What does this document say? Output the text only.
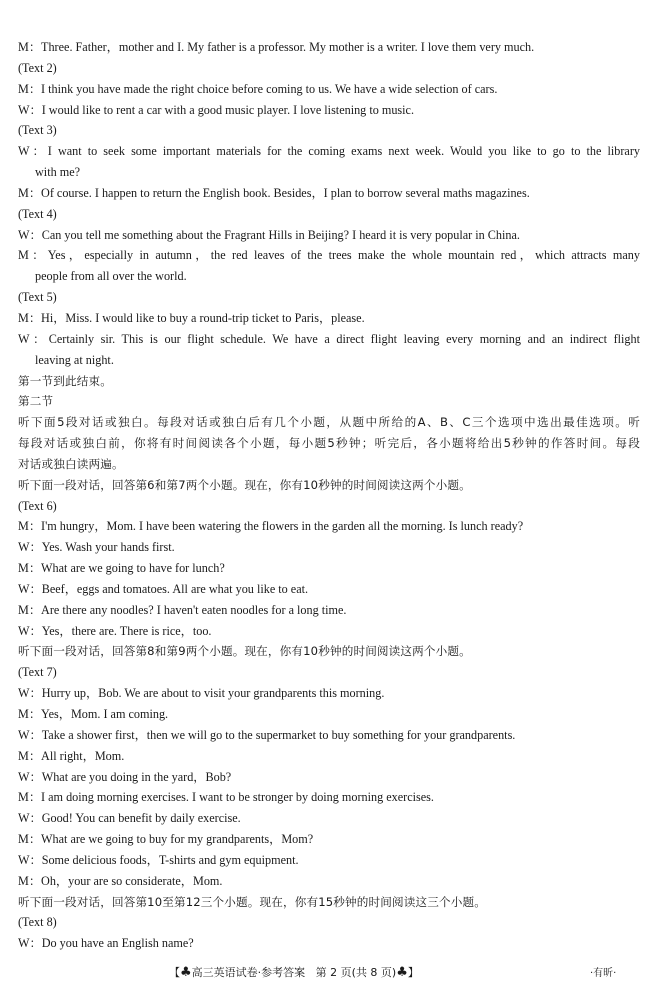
M：Three. Father，mother and I. My father is a professor. My mother is a writer. I love them very much.
(Text 2)
M：I think you have made the right choice before coming to us. We have a wide selection of cars.
W：I would like to rent a car with a good music player. I love listening to music.
(Text 3)
W：I want to seek some important materials for the coming exams next week. Would you like to go to the library
with me?
M：Of course. I happen to return the English book. Besides，I plan to borrow several maths magazines.
(Text 4)
W：Can you tell me something about the Fragrant Hills in Beijing? I heard it is very popular in China.
M：Yes，especially in autumn，the red leaves of the trees make the whole mountain red，which attracts many
people from all over the world.
(Text 5)
M：Hi，Miss. I would like to buy a round-trip ticket to Paris，please.
W：Certainly sir. This is our flight schedule. We have a direct flight leaving every morning and an indirect flight
leaving at night.
第一节到此结束。
第二节
听下面5段对话或独白。每段对话或独白后有几个小题，从题中所给的A、B、C三个选项中选出最佳选项。听
每段对话或独白前，你将有时间阅读各个小题，每小题5秒钟；听完后，各小题将给出5秒钟的作答时间。每段
对话或独白读两遍。
听下面一段对话，回答第6和第7两个小题。现在，你有10秒钟的时间阅读这两个小题。
(Text 6)
M：I'm hungry，Mom. I have been watering the flowers in the garden all the morning. Is lunch ready?
W：Yes. Wash your hands first.
M：What are we going to have for lunch?
W：Beef，eggs and tomatoes. All are what you like to eat.
M：Are there any noodles? I haven't eaten noodles for a long time.
W：Yes，there are. There is rice，too.
听下面一段对话，回答第8和第9两个小题。现在，你有10秒钟的时间阅读这两个小题。
(Text 7)
W：Hurry up，Bob. We are about to visit your grandparents this morning.
M：Yes，Mom. I am coming.
W：Take a shower first，then we will go to the supermarket to buy something for your grandparents.
M：All right，Mom.
W：What are you doing in the yard，Bob?
M：I am doing morning exercises. I want to be stronger by doing morning exercises.
W：Good! You can benefit by daily exercise.
M：What are we going to buy for my grandparents，Mom?
W：Some delicious foods，T-shirts and gym equipment.
M：Oh，your are so considerate，Mom.
听下面一段对话，回答第10至第12三个小题。现在，你有15秒钟的时间阅读这三个小题。
(Text 8)
W：Do you have an English name?
【♣高三英语试卷·参考答案 第 2 页(共 8 页)♣】	·有昕·
